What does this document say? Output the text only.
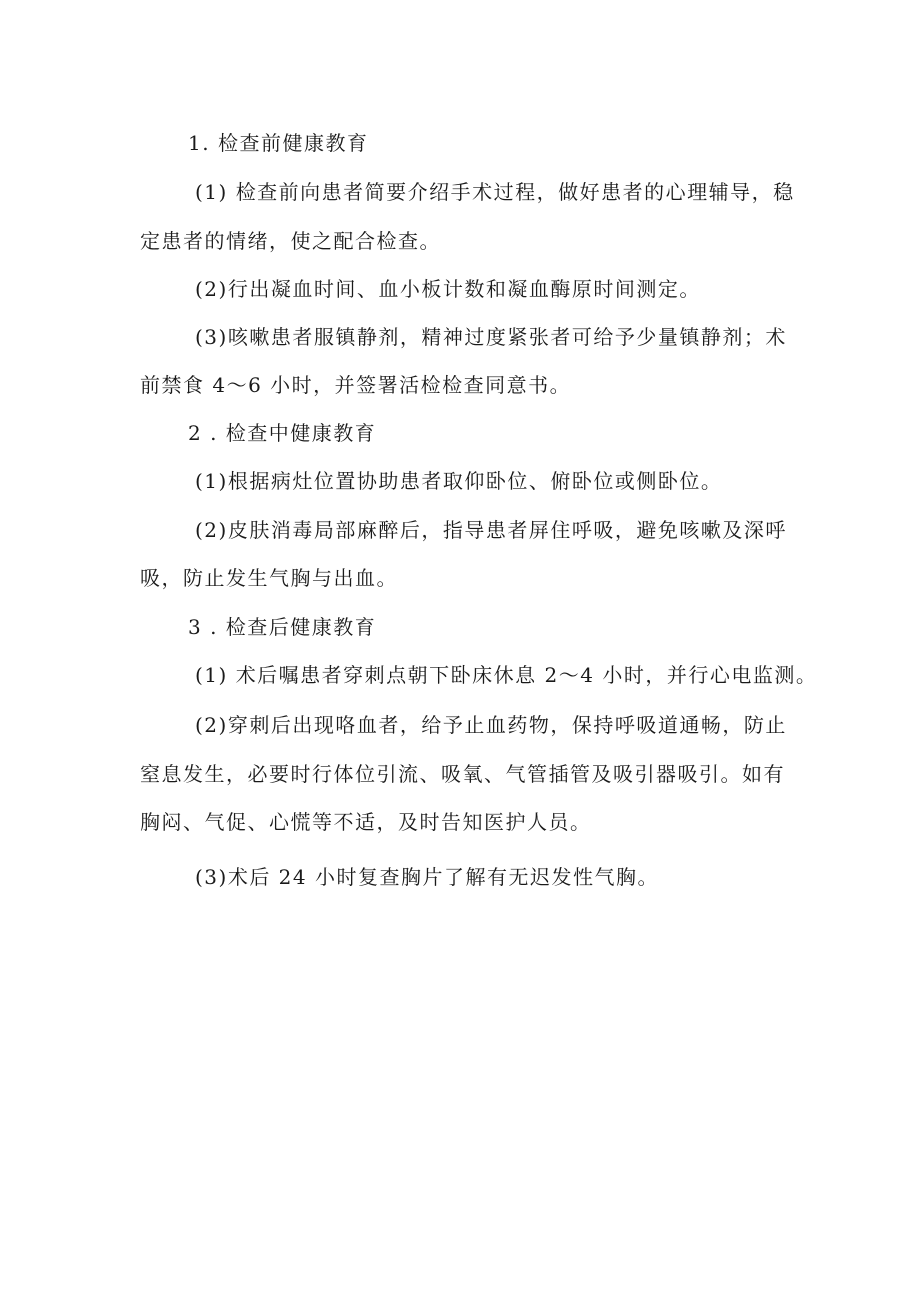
1. 检查前健康教育
(1) 检查前向患者简要介绍手术过程，做好患者的心理辅导，稳
定患者的情绪，使之配合检查。
(2)行出凝血时间、血小板计数和凝血酶原时间测定。
(3)咳嗽患者服镇静剂，精神过度紧张者可给予少量镇静剂；术
前禁食 4～6 小时，并签署活检检查同意书。
2 . 检查中健康教育
(1)根据病灶位置协助患者取仰卧位、俯卧位或侧卧位。
(2)皮肤消毒局部麻醉后，指导患者屏住呼吸，避免咳嗽及深呼
吸，防止发生气胸与出血。
3 . 检查后健康教育
(1) 术后嘱患者穿刺点朝下卧床休息 2～4 小时，并行心电监测。
(2)穿刺后出现咯血者，给予止血药物，保持呼吸道通畅，防止
窒息发生，必要时行体位引流、吸氧、气管插管及吸引器吸引。如有
胸闷、气促、心慌等不适，及时告知医护人员。
(3)术后 24 小时复查胸片了解有无迟发性气胸。
